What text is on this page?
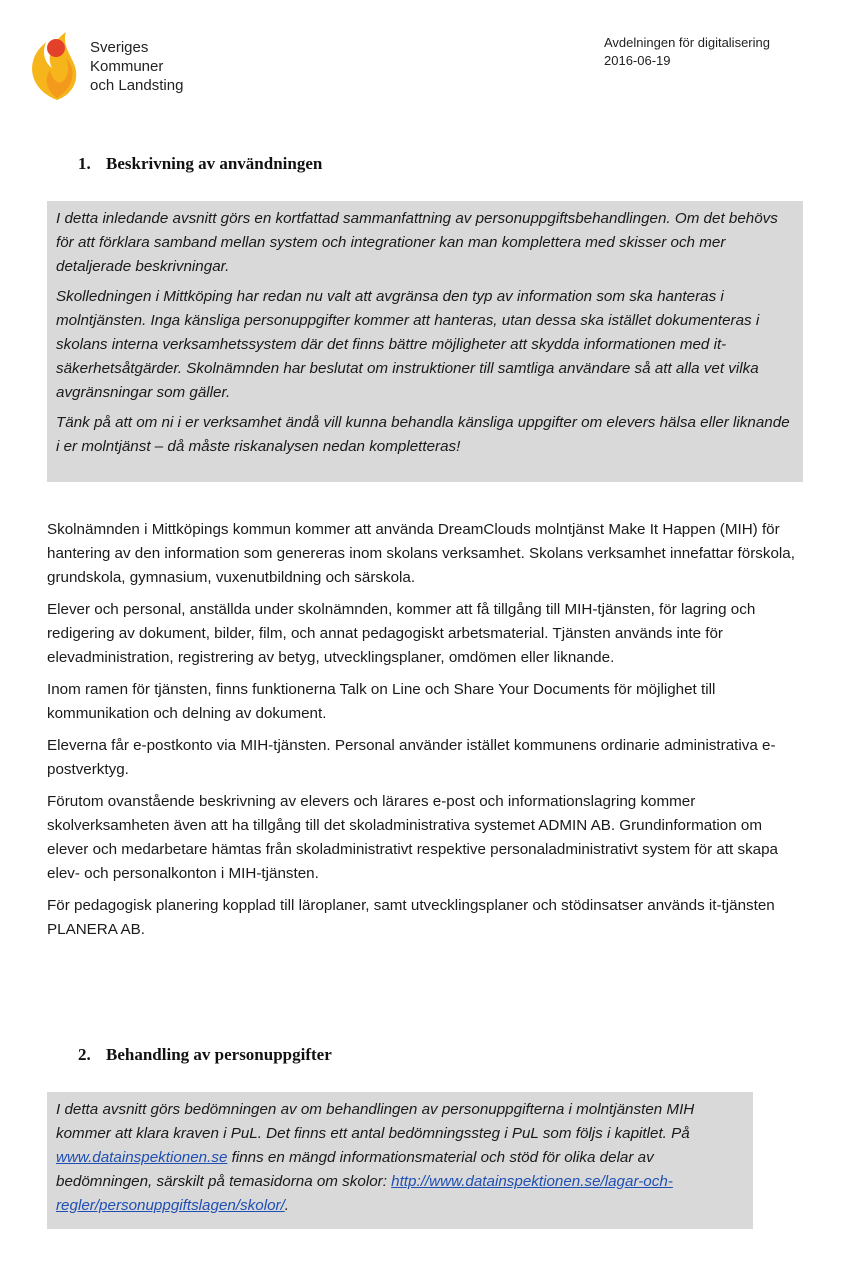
Sveriges
Kommuner
och Landsting
Avdelningen för digitalisering
2016-06-19
1. Beskrivning av användningen

I detta inledande avsnitt görs en kortfattad sammanfattning av personuppgiftsbehandlingen. Om det behövs för att förklara samband mellan system och integrationer kan man komplettera med skisser och mer detaljerade beskrivningar.

Skolledningen i Mittköping har redan nu valt att avgränsa den typ av information som ska hanteras i molntjänsten. Inga känsliga personuppgifter kommer att hanteras, utan dessa ska istället dokumenteras i skolans interna verksamhetssystem där det finns bättre möjligheter att skydda informationen med it-säkerhetsåtgärder. Skolnämnden har beslutat om instruktioner till samtliga användare så att alla vet vilka avgränsningar som gäller.

Tänk på att om ni i er verksamhet ändå vill kunna behandla känsliga uppgifter om elevers hälsa eller liknande i er molntjänst – då måste riskanalysen nedan kompletteras!

Skolnämnden i Mittköpings kommun kommer att använda DreamClouds molntjänst Make It Happen (MIH) för hantering av den information som genereras inom skolans verksamhet. Skolans verksamhet innefattar förskola, grundskola, gymnasium, vuxenutbildning och särskola.

Elever och personal, anställda under skolnämnden, kommer att få tillgång till MIH-tjänsten, för lagring och redigering av dokument, bilder, film, och annat pedagogiskt arbetsmaterial. Tjänsten används inte för elevadministration, registrering av betyg, utvecklingsplaner, omdömen eller liknande.

Inom ramen för tjänsten, finns funktionerna Talk on Line och Share Your Documents för möjlighet till kommunikation och delning av dokument.

Eleverna får e-postkonto via MIH-tjänsten. Personal använder istället kommunens ordinarie administrativa e-postverktyg.

Förutom ovanstående beskrivning av elevers och lärares e-post och informationslagring kommer skolverksamheten även att ha tillgång till det skoladministrativa systemet ADMIN AB. Grundinformation om elever och medarbetare hämtas från skoladministrativt respektive personaladministrativt system för att skapa elev- och personalkonton i MIH-tjänsten.

För pedagogisk planering kopplad till läroplaner, samt utvecklingsplaner och stödinsatser används it-tjänsten PLANERA AB.

2. Behandling av personuppgifter

I detta avsnitt görs bedömningen av om behandlingen av personuppgifterna i molntjänsten MIH kommer att klara kraven i PuL. Det finns ett antal bedömningssteg i PuL som följs i kapitlet. På www.datainspektionen.se finns en mängd informationsmaterial och stöd för olika delar av bedömningen, särskilt på temasidorna om skolor: http://www.datainspektionen.se/lagar-och-regler/personuppgiftslagen/skolor/.
